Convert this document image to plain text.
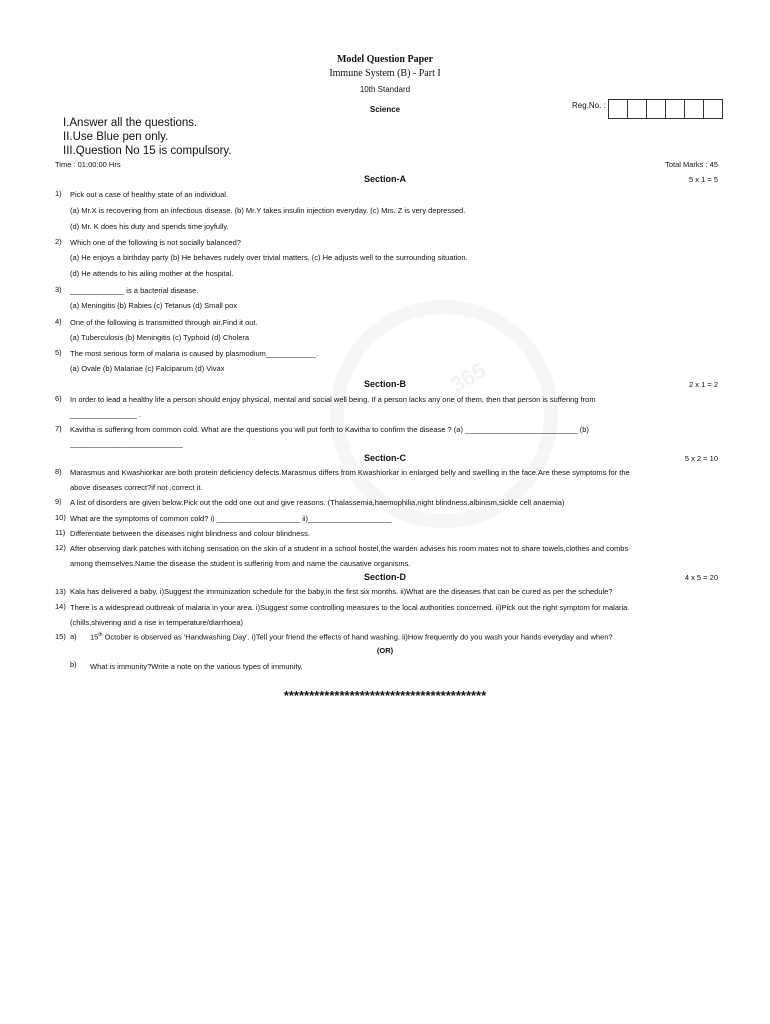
365
Model Question Paper
Immune System (B) - Part I
10th Standard
Science	Reg.No. :
I.Answer all the questions.
II.Use Blue pen only.
III.Question No 15 is compulsory.
Time : 01:00:00 Hrs	Total Marks : 45
Section-A	5 x 1 = 5
1) Pick out a case of healthy state of an individual.
(a) Mr.X is recovering from an infectious disease. (b) Mr.Y takes insulin injection everyday. (c) Mrs. Z is very depressed.
(d) Mr. K does his duty and spends time joyfully.
2) Which one of the following is not socially balanced?
(a) He enjoys a birthday party (b) He behaves rudely over trivial matters. (c) He adjusts well to the surrounding situation.
(d) He attends to his ailing mother at the hospital.
3) _____________ is a bacterial disease.
(a) Meningitis (b) Rabies (c) Tetanus (d) Small pox
4) One of the following is transmitted through air.Find it out.
(a) Tuberculosis (b) Meningitis (c) Typhoid (d) Cholera
5) The most serious form of malaria is caused by plasmodium____________.
(a) Ovale (b) Malariae (c) Falciparum (d) Vivax
Section-B	2 x 1 = 2
6) In order to lead a healthy life a person should enjoy physical, mental and social well being. If a person lacks any one of them, then that person is suffering from
________________ .
7) Kavitha is suffering from common cold. What are the questions you will put forth to Kavitha to confirm the disease ? (a) ___________________________ (b)
___________________________
Section-C	5 x 2 = 10
8) Marasmus and Kwashiorkar are both protein deficiency defects.Marasmus differs from Kwashiorkar in enlarged belly and swelling in the face.Are these symptoms for the
above diseases correct?if not ,correct it.
9) A list of disorders are given below.Pick out the odd one out and give reasons. (Thalassemia,haemophilia,night blindness,albinism,sickle cell anaemia)
10) What are the symptoms of common cold? i) ____________________ ii)____________________
11) Differentiate between the diseases night blindness and colour blindness.
12) After observing dark patches with itching sensation on the skin of a student in a school hostel,the warden advises his room mates not to share towels,clothes and combs
among themselves.Name the disease the student is suffering from and name the causative organisms.
Section-D	4 x 5 = 20
13) Kala has delivered a baby, i)Suggest the immunization schedule for the baby,in the first six months. ii)What are the diseases that can be cured as per the schedule?
14) There is a widespread outbreak of malaria in your area. i)Suggest some controlling measures to the local authorities concerned. ii)Pick out the right symptom for malaria.
(chills,shivering and a rise in temperature/diarrhoea)
15) a) 15th October is observed as 'Handwashing Day'. i)Tell your friend the effects of hand washing. ii)How frequently do you wash your hands everyday and when?
(OR)
b) What is immunity?Write a note on the various types of immunity.
****************************************
